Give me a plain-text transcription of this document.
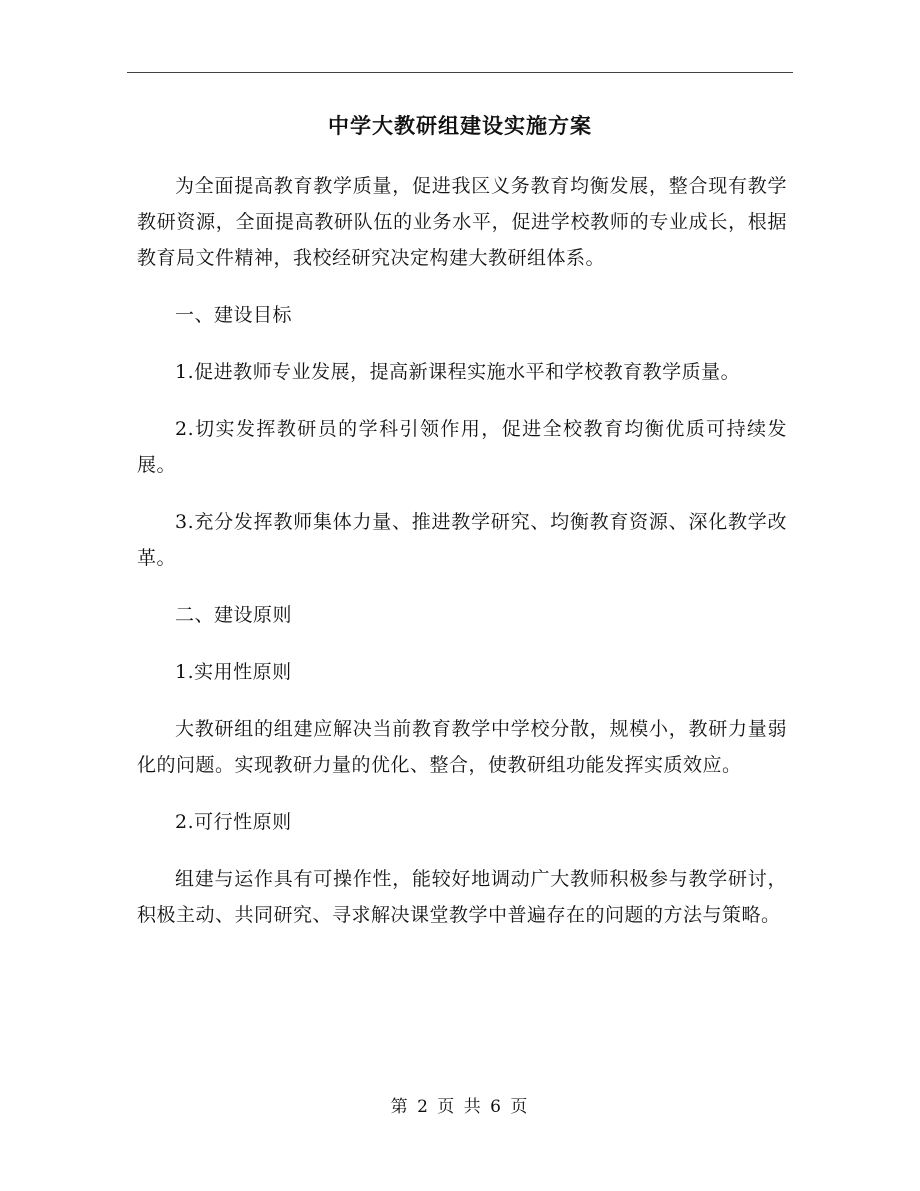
中学大教研组建设实施方案

为全面提高教育教学质量，促进我区义务教育均衡发展，整合现有教学教研资源，全面提高教研队伍的业务水平，促进学校教师的专业成长，根据教育局文件精神，我校经研究决定构建大教研组体系。

一、建设目标

1.促进教师专业发展，提高新课程实施水平和学校教育教学质量。

2.切实发挥教研员的学科引领作用，促进全校教育均衡优质可持续发展。

3.充分发挥教师集体力量、推进教学研究、均衡教育资源、深化教学改革。

二、建设原则

1.实用性原则

大教研组的组建应解决当前教育教学中学校分散，规模小，教研力量弱化的问题。实现教研力量的优化、整合，使教研组功能发挥实质效应。

2.可行性原则

组建与运作具有可操作性，能较好地调动广大教师积极参与教学研讨，积极主动、共同研究、寻求解决课堂教学中普遍存在的问题的方法与策略。

第 2 页 共 6 页
